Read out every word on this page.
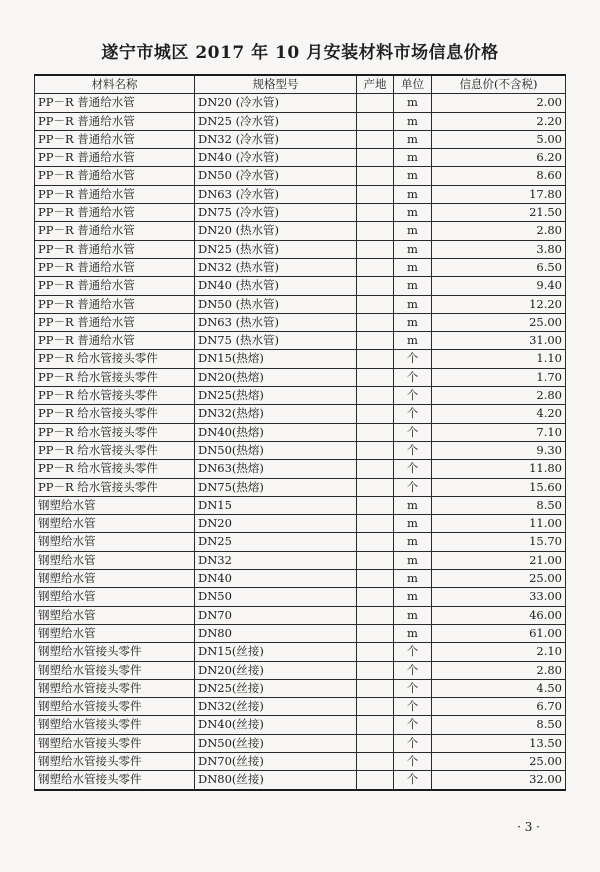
遂宁市城区 2017 年 10 月安装材料市场信息价格
材料名称	规格型号	产地	单位	信息价(不含税)
PP－R 普通给水管	DN20 (冷水管)		m	2.00
PP－R 普通给水管	DN25 (冷水管)		m	2.20
PP－R 普通给水管	DN32 (冷水管)		m	5.00
PP－R 普通给水管	DN40 (冷水管)		m	6.20
PP－R 普通给水管	DN50 (冷水管)		m	8.60
PP－R 普通给水管	DN63 (冷水管)		m	17.80
PP－R 普通给水管	DN75 (冷水管)		m	21.50
PP－R 普通给水管	DN20 (热水管)		m	2.80
PP－R 普通给水管	DN25 (热水管)		m	3.80
PP－R 普通给水管	DN32 (热水管)		m	6.50
PP－R 普通给水管	DN40 (热水管)		m	9.40
PP－R 普通给水管	DN50 (热水管)		m	12.20
PP－R 普通给水管	DN63 (热水管)		m	25.00
PP－R 普通给水管	DN75 (热水管)		m	31.00
PP－R 给水管接头零件	DN15(热熔)		个	1.10
PP－R 给水管接头零件	DN20(热熔)		个	1.70
PP－R 给水管接头零件	DN25(热熔)		个	2.80
PP－R 给水管接头零件	DN32(热熔)		个	4.20
PP－R 给水管接头零件	DN40(热熔)		个	7.10
PP－R 给水管接头零件	DN50(热熔)		个	9.30
PP－R 给水管接头零件	DN63(热熔)		个	11.80
PP－R 给水管接头零件	DN75(热熔)		个	15.60
钢塑给水管	DN15		m	8.50
钢塑给水管	DN20		m	11.00
钢塑给水管	DN25		m	15.70
钢塑给水管	DN32		m	21.00
钢塑给水管	DN40		m	25.00
钢塑给水管	DN50		m	33.00
钢塑给水管	DN70		m	46.00
钢塑给水管	DN80		m	61.00
钢塑给水管接头零件	DN15(丝接)		个	2.10
钢塑给水管接头零件	DN20(丝接)		个	2.80
钢塑给水管接头零件	DN25(丝接)		个	4.50
钢塑给水管接头零件	DN32(丝接)		个	6.70
钢塑给水管接头零件	DN40(丝接)		个	8.50
钢塑给水管接头零件	DN50(丝接)		个	13.50
钢塑给水管接头零件	DN70(丝接)		个	25.00
钢塑给水管接头零件	DN80(丝接)		个	32.00
· 3 ·
